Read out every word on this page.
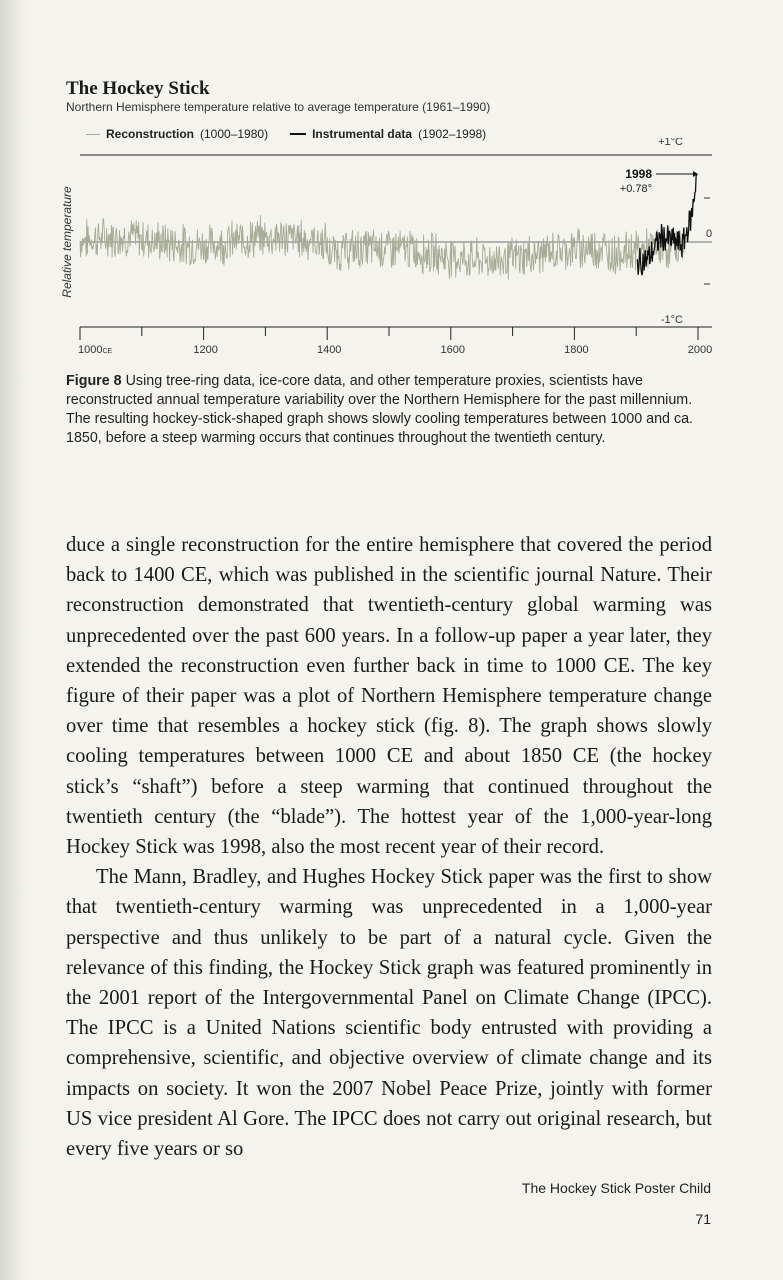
The Hockey Stick
Northern Hemisphere temperature relative to average temperature (1961–1990)
Reconstruction (1000–1980)	Instrumental data (1902–1998)
1000CE	1200	1400	1600	1800	2000
Relative temperature
+1°C
0
-1°C
1998
+0.78°

Figure 8 Using tree-ring data, ice-core data, and other temperature proxies, scientists have reconstructed annual temperature variability over the Northern Hemisphere for the past millennium. The resulting hockey-stick-shaped graph shows slowly cooling temperatures between 1000 and ca. 1850, before a steep warming occurs that continues throughout the twentieth century.

duce a single reconstruction for the entire hemisphere that covered the period back to 1400 CE, which was published in the scientific journal Nature. Their reconstruction demonstrated that twentieth-century global warming was unprecedented over the past 600 years. In a follow-up paper a year later, they extended the reconstruction even further back in time to 1000 CE. The key figure of their paper was a plot of Northern Hemisphere temperature change over time that resembles a hockey stick (fig. 8). The graph shows slowly cooling temperatures between 1000 CE and about 1850 CE (the hockey stick’s “shaft”) before a steep warming that continued throughout the twentieth century (the “blade”). The hottest year of the 1,000-year-long Hockey Stick was 1998, also the most recent year of their record.

The Mann, Bradley, and Hughes Hockey Stick paper was the first to show that twentieth-century warming was unprecedented in a 1,000-year perspective and thus unlikely to be part of a natural cycle. Given the relevance of this finding, the Hockey Stick graph was featured prominently in the 2001 report of the Intergovernmental Panel on Climate Change (IPCC). The IPCC is a United Nations scientific body entrusted with providing a comprehensive, scientific, and objective overview of climate change and its impacts on society. It won the 2007 Nobel Peace Prize, jointly with former US vice president Al Gore. The IPCC does not carry out original research, but every five years or so

The Hockey Stick Poster Child
71
